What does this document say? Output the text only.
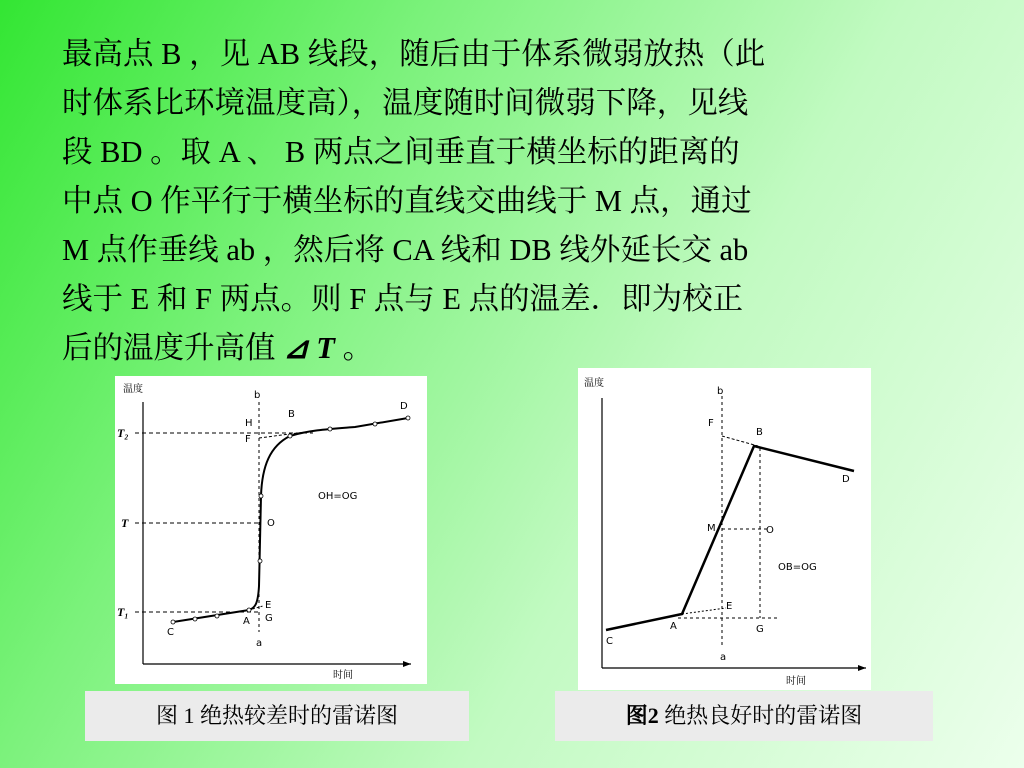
最高点 B ，见 AB 线段，随后由于体系微弱放热（此
时体系比环境温度高），温度随时间微弱下降，见线
段 BD 。取 A 、 B 两点之间垂直于横坐标的距离的
中点 O 作平行于横坐标的直线交曲线于 M 点，通过
M 点作垂线 ab ，然后将 CA 线和 DB 线外延长交 ab
线于 E 和 F 两点。则 F 点与 E 点的温差．即为校正
后的温度升高值 ⊿ T 。
温度
时间
T₂
T
T₁
b
a
H
F
B
D
O
E
G
A
C
OH=OG
温度
时间
b
a
F
B
D
M	O
E
A
C
G
OB=OG
图 1 绝热较差时的雷诺图	图2 绝热良好时的雷诺图
